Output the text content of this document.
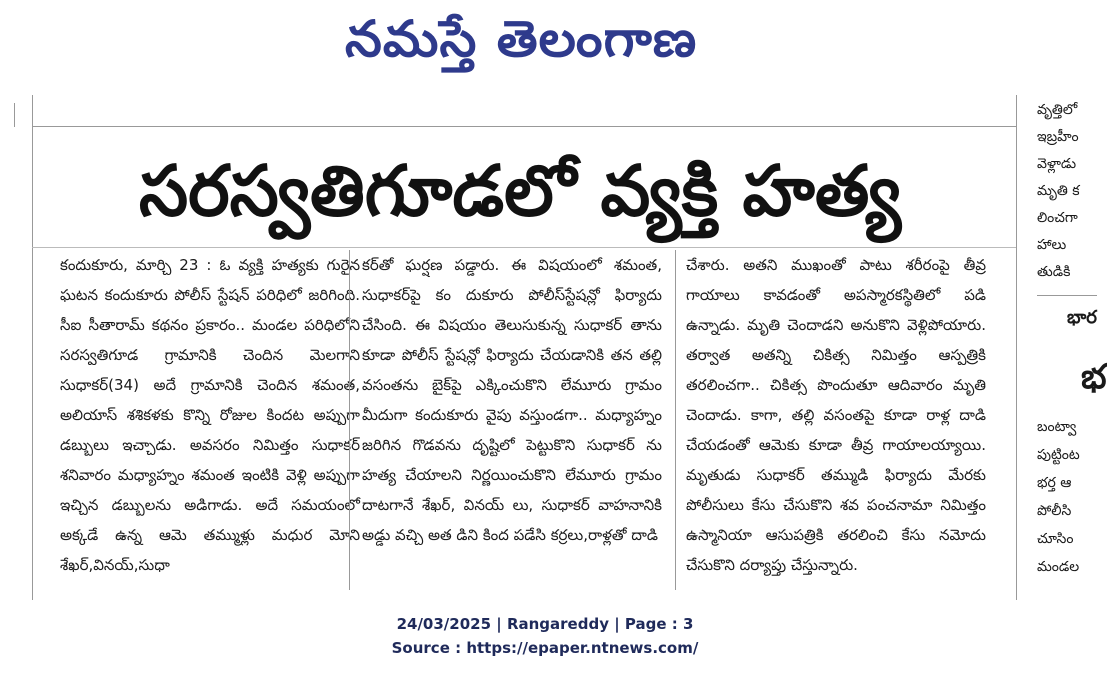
నమస్తే తెలంగాణ
సరస్వతిగూడలో వ్యక్తి హత్య
కందుకూరు, మార్చి 23 : ఓ వ్యక్తి హత్యకు గురైన ఘటన కందుకూరు పోలీస్ స్టేషన్ పరిధిలో జరిగింది. సీఐ సీతారామ్ కథనం ప్రకారం.. మండల పరిధిలోని సరస్వతిగూడ గ్రామానికి చెందిన మెలగాని సుధాకర్(34) అదే గ్రామానికి చెందిన శమంత, అలియాస్ శశికళకు కొన్ని రోజుల కిందట అప్పుగా డబ్బులు ఇచ్చాడు. అవసరం నిమిత్తం సుధాకర్ శనివారం మధ్యాహ్నం శమంత ఇంటికి వెళ్లి అప్పుగా ఇచ్చిన డబ్బులను అడిగాడు. అదే సమయంలో అక్కడే ఉన్న ఆమె తమ్ముళ్లు మధుర మోని శేఖర్,వినయ్,సుధా
కర్‌తో ఘర్షణ పడ్డారు. ఈ విషయంలో శమంత, సుధాకర్‌పై కం దుకూరు పోలీస్‌స్టేషన్లో ఫిర్యాదు చేసింది. ఈ విషయం తెలుసుకున్న సుధాకర్ తాను కూడా పోలీస్ స్టేషన్లో ఫిర్యాదు చేయడానికి తన తల్లి వసంతను బైక్‌పై ఎక్కించుకొని లేమూరు గ్రామం మీదుగా కందుకూరు వైపు వస్తుండగా.. మధ్యాహ్నం జరిగిన గొడవను దృష్టిలో పెట్టుకొని సుధాకర్ ను హత్య చేయాలని నిర్ణయించుకొని లేమూరు గ్రామం దాటగానే శేఖర్, వినయ్ లు, సుధాకర్ వాహనానికి అడ్డు వచ్చి అత డిని కింద పడేసి కర్రలు,రాళ్లతో దాడి
చేశారు. అతని ముఖంతో పాటు శరీరంపై తీవ్ర గాయాలు కావడంతో అపస్మారకస్థితిలో పడి ఉన్నాడు. మృతి చెందాడని అనుకొని వెళ్లిపోయారు. తర్వాత అతన్ని చికిత్స నిమిత్తం ఆస్పత్రికి తరలించగా.. చికిత్స పొందుతూ ఆదివారం మృతి చెందాడు. కాగా, తల్లి వసంతపై కూడా రాళ్ల దాడి చేయడంతో ఆమెకు కూడా తీవ్ర గాయాలయ్యాయి. మృతుడు సుధాకర్ తమ్ముడి ఫిర్యాదు మేరకు పోలీసులు కేసు చేసుకొని శవ పంచనామా నిమిత్తం ఉస్మానియా ఆసుపత్రికి తరలించి కేసు నమోదు చేసుకొని దర్యాప్తు చేస్తున్నారు.
వృత్తిలో
ఇబ్రహీం
వెళ్లాడు
మృతి క
లించగా
హాలు
తుడికి
భార
భ
బంట్వా
పుట్టింట
భర్త ఆ
పోలీసి
చూసిం
మండల
24/03/2025 | Rangareddy | Page : 3
Source : https://epaper.ntnews.com/
